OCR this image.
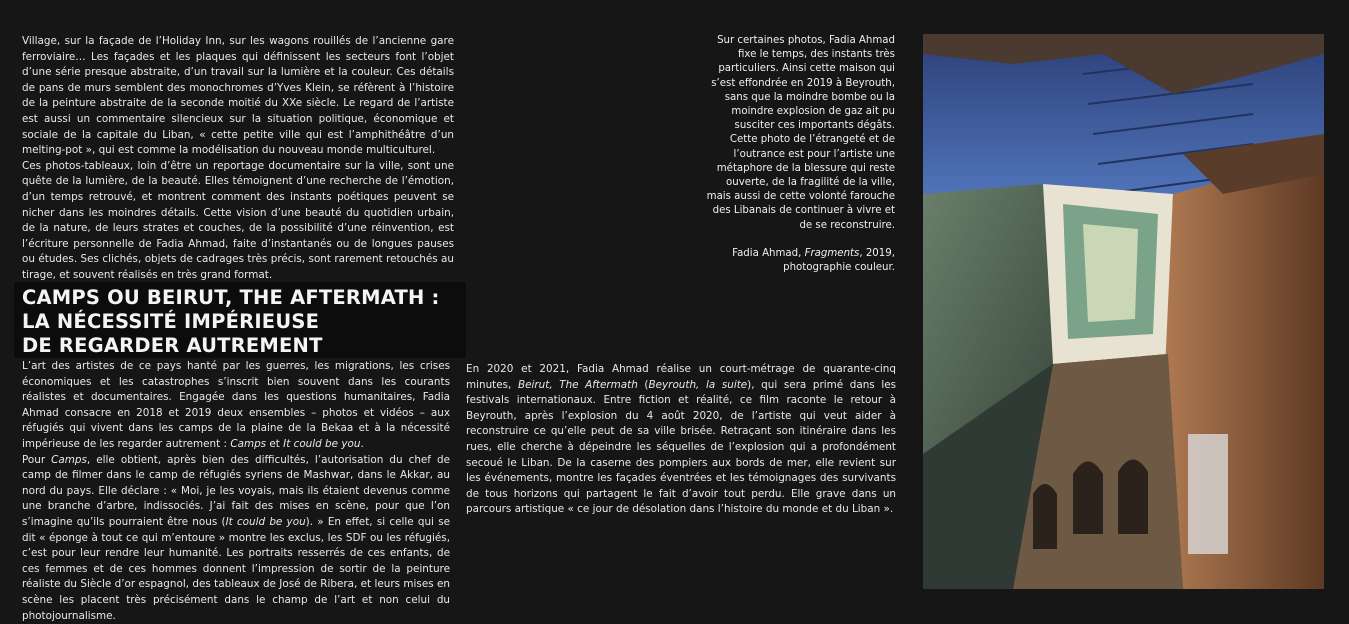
Village, sur la façade de l’Holiday Inn, sur les wagons rouillés de l’ancienne gare ferroviaire… Les façades et les plaques qui définissent les secteurs font l’objet d’une série presque abstraite, d’un travail sur la lumière et la couleur. Ces détails de pans de murs semblent des monochromes d’Yves Klein, se réfèrent à l’histoire de la peinture abstraite de la seconde moitié du XXe siècle. Le regard de l’artiste est aussi un commentaire silencieux sur la situation politique, économique et sociale de la capitale du Liban, « cette petite ville qui est l’amphithéâtre d’un melting-pot », qui est comme la modélisation du nouveau monde multiculturel.

Ces photos-tableaux, loin d’être un reportage documentaire sur la ville, sont une quête de la lumière, de la beauté. Elles témoignent d’une recherche de l’émotion, d’un temps retrouvé, et montrent comment des instants poétiques peuvent se nicher dans les moindres détails. Cette vision d’une beauté du quotidien urbain, de la nature, de leurs strates et couches, de la possibilité d’une réinvention, est l’écriture personnelle de Fadia Ahmad, faite d’instantanés ou de longues pauses ou études. Ses clichés, objets de cadrages très précis, sont rarement retouchés au tirage, et souvent réalisés en très grand format.

CAMPS OU BEIRUT, THE AFTERMATH :
LA NÉCESSITÉ IMPÉRIEUSE
DE REGARDER AUTREMENT

L’art des artistes de ce pays hanté par les guerres, les migrations, les crises économiques et les catastrophes s’inscrit bien souvent dans les courants réalistes et documentaires. Engagée dans les questions humanitaires, Fadia Ahmad consacre en 2018 et 2019 deux ensembles – photos et vidéos – aux réfugiés qui vivent dans les camps de la plaine de la Bekaa et à la nécessité impérieuse de les regarder autrement : Camps et It could be you.

Pour Camps, elle obtient, après bien des difficultés, l’autorisation du chef de camp de filmer dans le camp de réfugiés syriens de Mashwar, dans le Akkar, au nord du pays. Elle déclare : « Moi, je les voyais, mais ils étaient devenus comme une branche d’arbre, indissociés. J’ai fait des mises en scène, pour que l’on s’imagine qu’ils pourraient être nous (It could be you). » En effet, si celle qui se dit « éponge à tout ce qui m’entoure » montre les exclus, les SDF ou les réfugiés, c’est pour leur rendre leur humanité. Les portraits resserrés de ces enfants, de ces femmes et de ces hommes donnent l’impression de sortir de la peinture réaliste du Siècle d’or espagnol, des tableaux de José de Ribera, et leurs mises en scène les placent très précisément dans le champ de l’art et non celui du photojournalisme.

En 2020 et 2021, Fadia Ahmad réalise un court-métrage de quarante-cinq minutes, Beirut, The Aftermath (Beyrouth, la suite), qui sera primé dans les festivals internationaux. Entre fiction et réalité, ce film raconte le retour à Beyrouth, après l’explosion du 4 août 2020, de l’artiste qui veut aider à reconstruire ce qu’elle peut de sa ville brisée. Retraçant son itinéraire dans les rues, elle cherche à dépeindre les séquelles de l’explosion qui a profondément secoué le Liban. De la caserne des pompiers aux bords de mer, elle revient sur les événements, montre les façades éventrées et les témoignages des survivants de tous horizons qui partagent le fait d’avoir tout perdu. Elle grave dans un parcours artistique « ce jour de désolation dans l’histoire du monde et du Liban ».

Sur certaines photos, Fadia Ahmad fixe le temps, des instants très particuliers. Ainsi cette maison qui s’est effondrée en 2019 à Beyrouth, sans que la moindre bombe ou la moindre explosion de gaz ait pu susciter ces importants dégâts. Cette photo de l’étrangeté et de l’outrance est pour l’artiste une métaphore de la blessure qui reste ouverte, de la fragilité de la ville, mais aussi de cette volonté farouche des Libanais de continuer à vivre et de se reconstruire.

Fadia Ahmad, Fragments, 2019,
photographie couleur.
